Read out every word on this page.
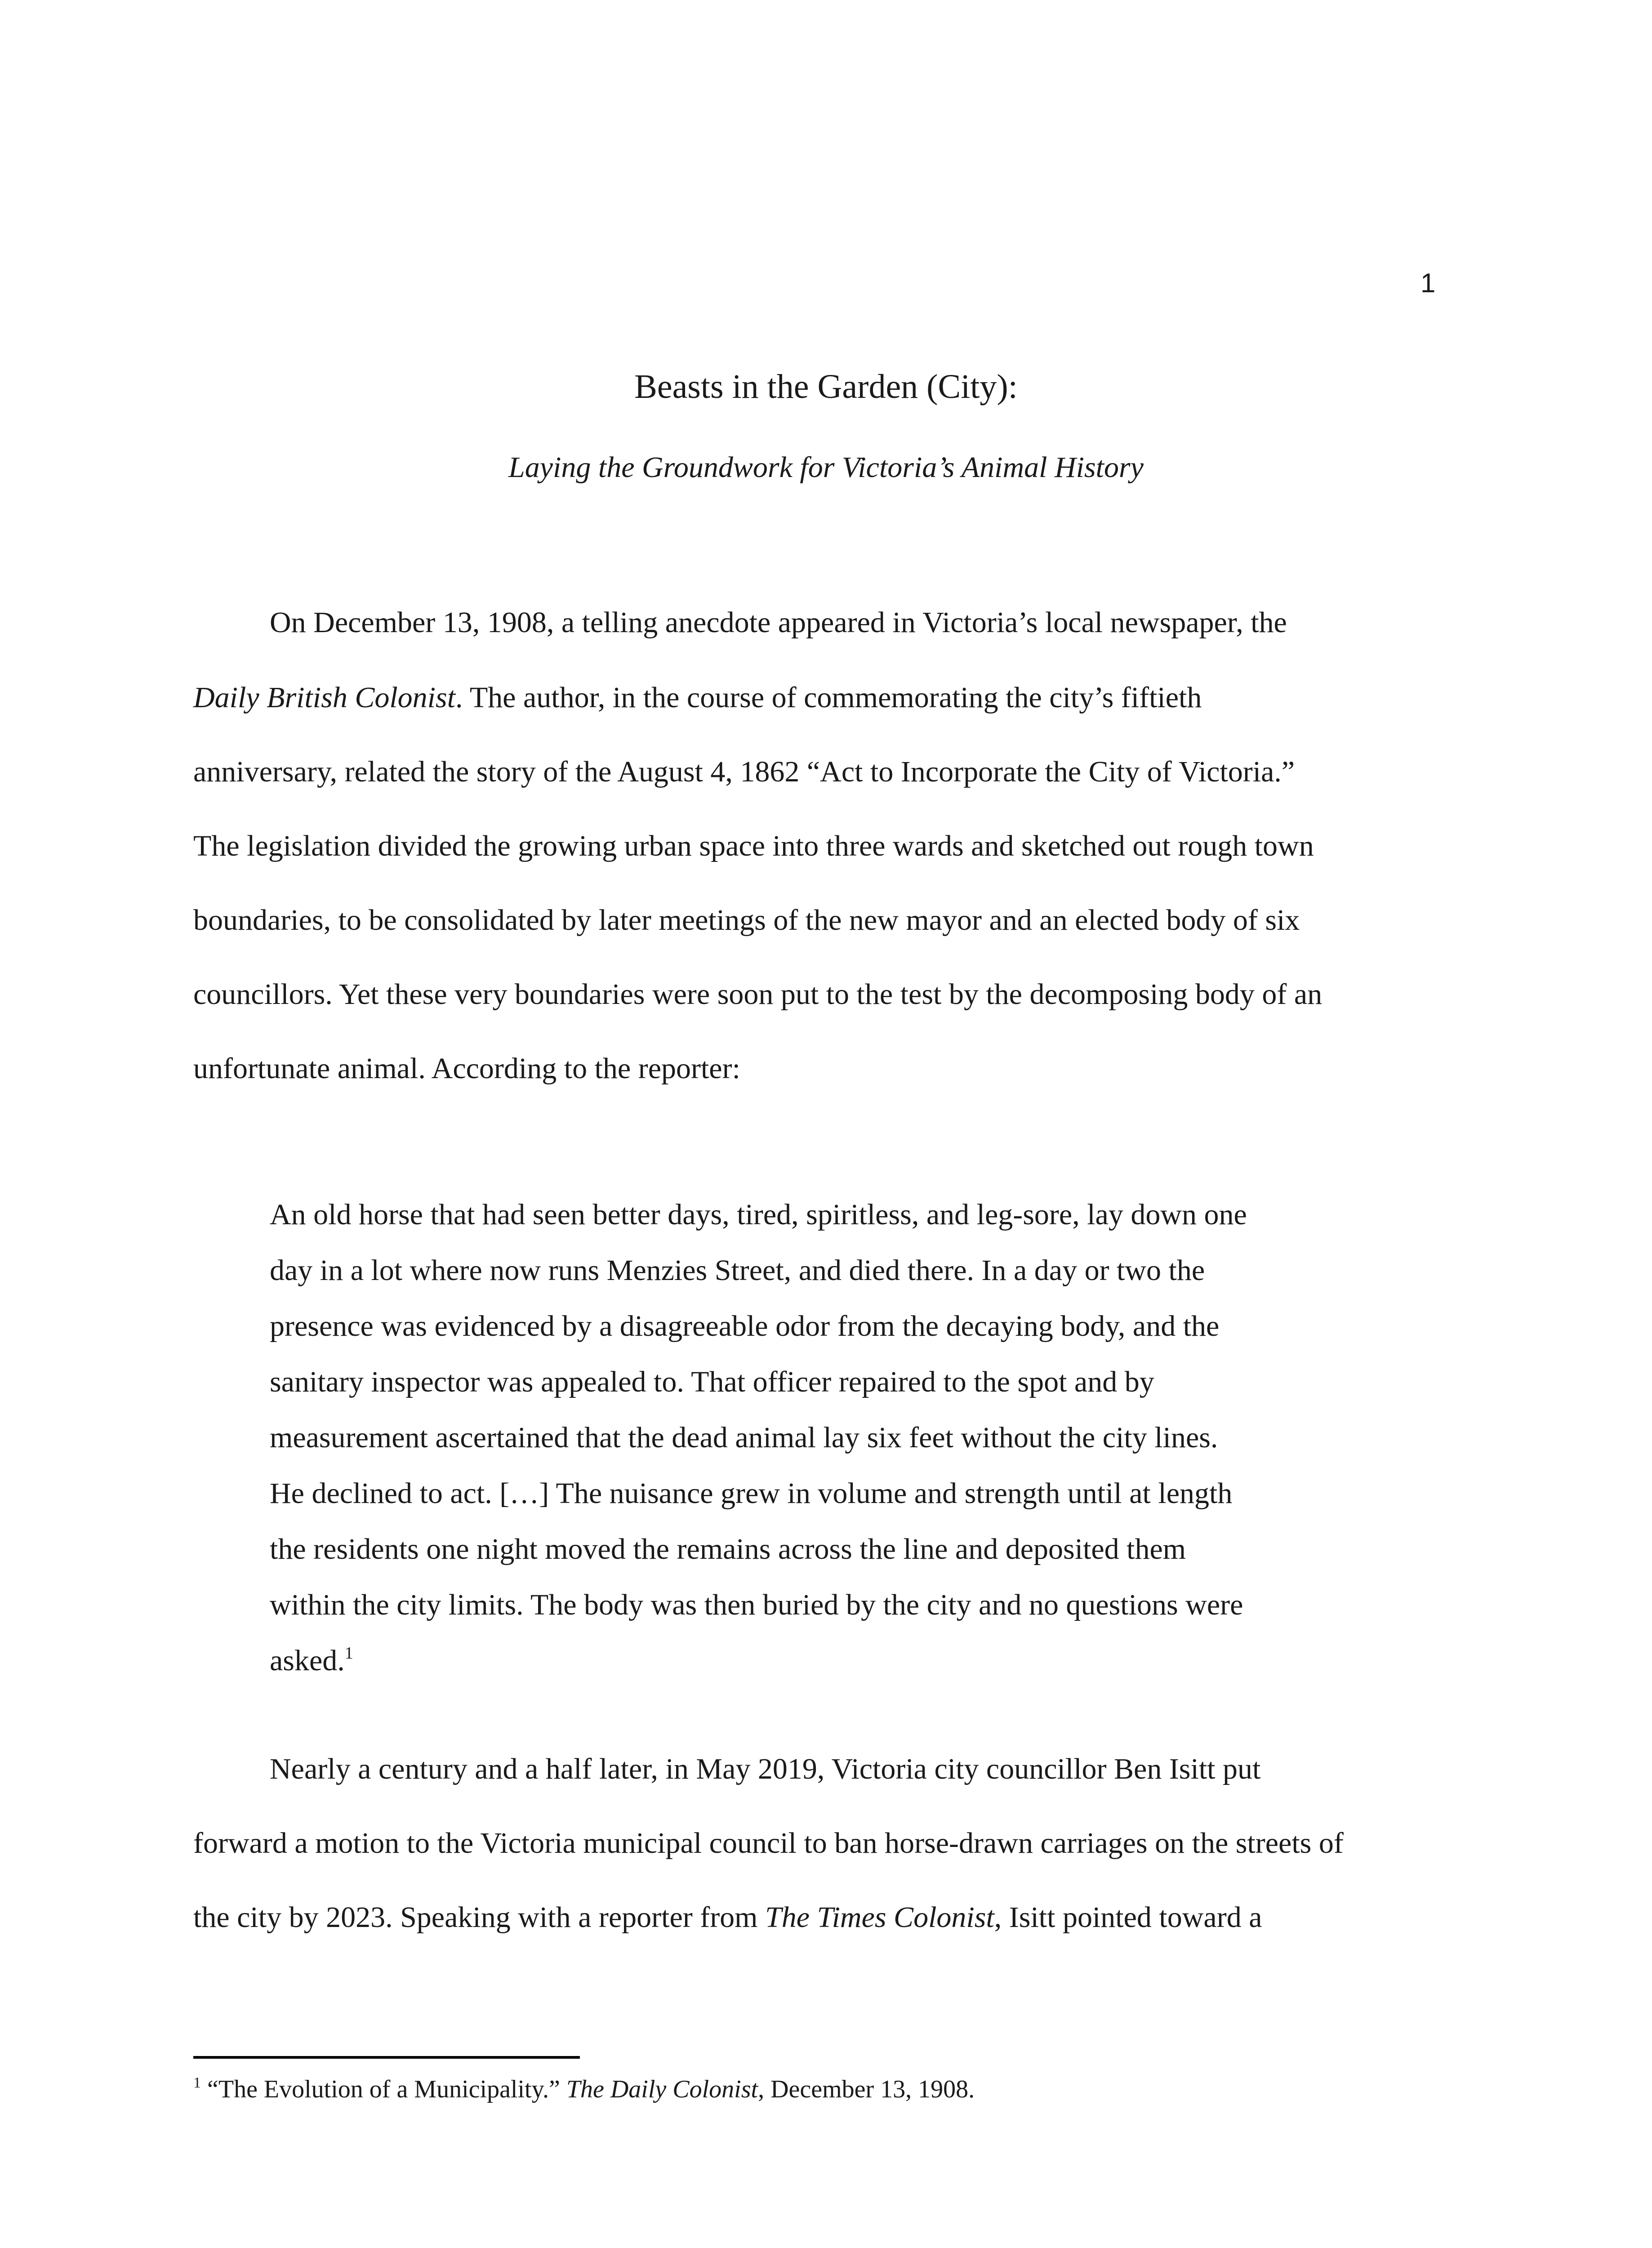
1
Beasts in the Garden (City):
Laying the Groundwork for Victoria’s Animal History
On December 13, 1908, a telling anecdote appeared in Victoria’s local newspaper, the
Daily British Colonist. The author, in the course of commemorating the city’s fiftieth
anniversary, related the story of the August 4, 1862 “Act to Incorporate the City of Victoria.”
The legislation divided the growing urban space into three wards and sketched out rough town
boundaries, to be consolidated by later meetings of the new mayor and an elected body of six
councillors. Yet these very boundaries were soon put to the test by the decomposing body of an
unfortunate animal. According to the reporter:
An old horse that had seen better days, tired, spiritless, and leg-sore, lay down one
day in a lot where now runs Menzies Street, and died there. In a day or two the
presence was evidenced by a disagreeable odor from the decaying body, and the
sanitary inspector was appealed to. That officer repaired to the spot and by
measurement ascertained that the dead animal lay six feet without the city lines.
He declined to act. […] The nuisance grew in volume and strength until at length
the residents one night moved the remains across the line and deposited them
within the city limits. The body was then buried by the city and no questions were
asked.$^1$
Nearly a century and a half later, in May 2019, Victoria city councillor Ben Isitt put
forward a motion to the Victoria municipal council to ban horse-drawn carriages on the streets of
the city by 2023. Speaking with a reporter from The Times Colonist, Isitt pointed toward a
$^1$ “The Evolution of a Municipality.” The Daily Colonist, December 13, 1908.
